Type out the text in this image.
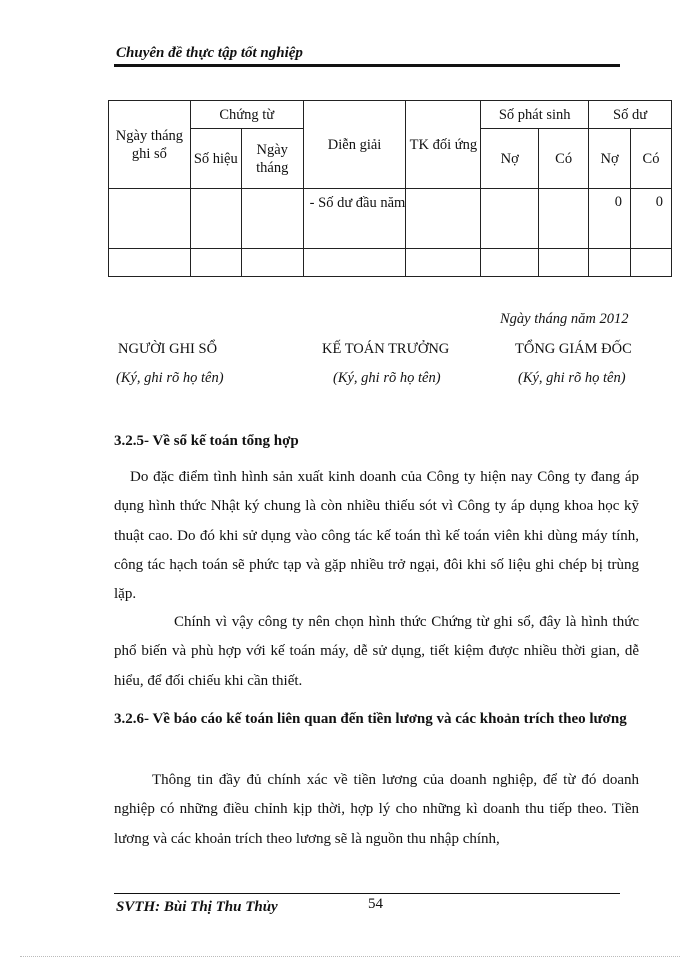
Chuyên đề thực tập tốt nghiệp
Ngày tháng ghi sổ	Chứng từ		Diễn giải	TK đối ứng	Số phát sinh		Số dư	
	Số hiệu	Ngày tháng			Nợ	Có	Nợ	Có
			- Số dư đầu năm				0	0

Ngày tháng năm 2012
NGƯỜI GHI SỔ	KẾ TOÁN TRƯỞNG	TỔNG GIÁM ĐỐC
(Ký, ghi rõ họ tên)	(Ký, ghi rõ họ tên)	(Ký, ghi rõ họ tên)
3.2.5- Về sổ kế toán tổng hợp
Do đặc điểm tình hình sản xuất kinh doanh của Công ty hiện nay Công ty đang áp dụng hình thức Nhật ký chung là còn nhiều thiếu sót vì Công ty áp dụng khoa học kỹ thuật cao. Do đó khi sử dụng vào công tác kế toán thì kế toán viên khi dùng máy tính, công tác hạch toán sẽ phức tạp và gặp nhiều trở ngại, đôi khi số liệu ghi chép bị trùng lặp.
Chính vì vậy công ty nên chọn hình thức Chứng từ ghi sổ, đây là hình thức phổ biến và phù hợp với kế toán máy, dễ sử dụng, tiết kiệm được nhiều thời gian, dễ hiểu, để đối chiếu khi cần thiết.
3.2.6- Về báo cáo kế toán liên quan đến tiền lương và các khoản trích theo lương
Thông tin đầy đủ chính xác về tiền lương của doanh nghiệp, để từ đó doanh nghiệp có những điều chỉnh kịp thời, hợp lý cho những kì doanh thu tiếp theo. Tiền lương và các khoản trích theo lương sẽ là nguồn thu nhập chính,
SVTH: Bùi Thị Thu Thủy	54
